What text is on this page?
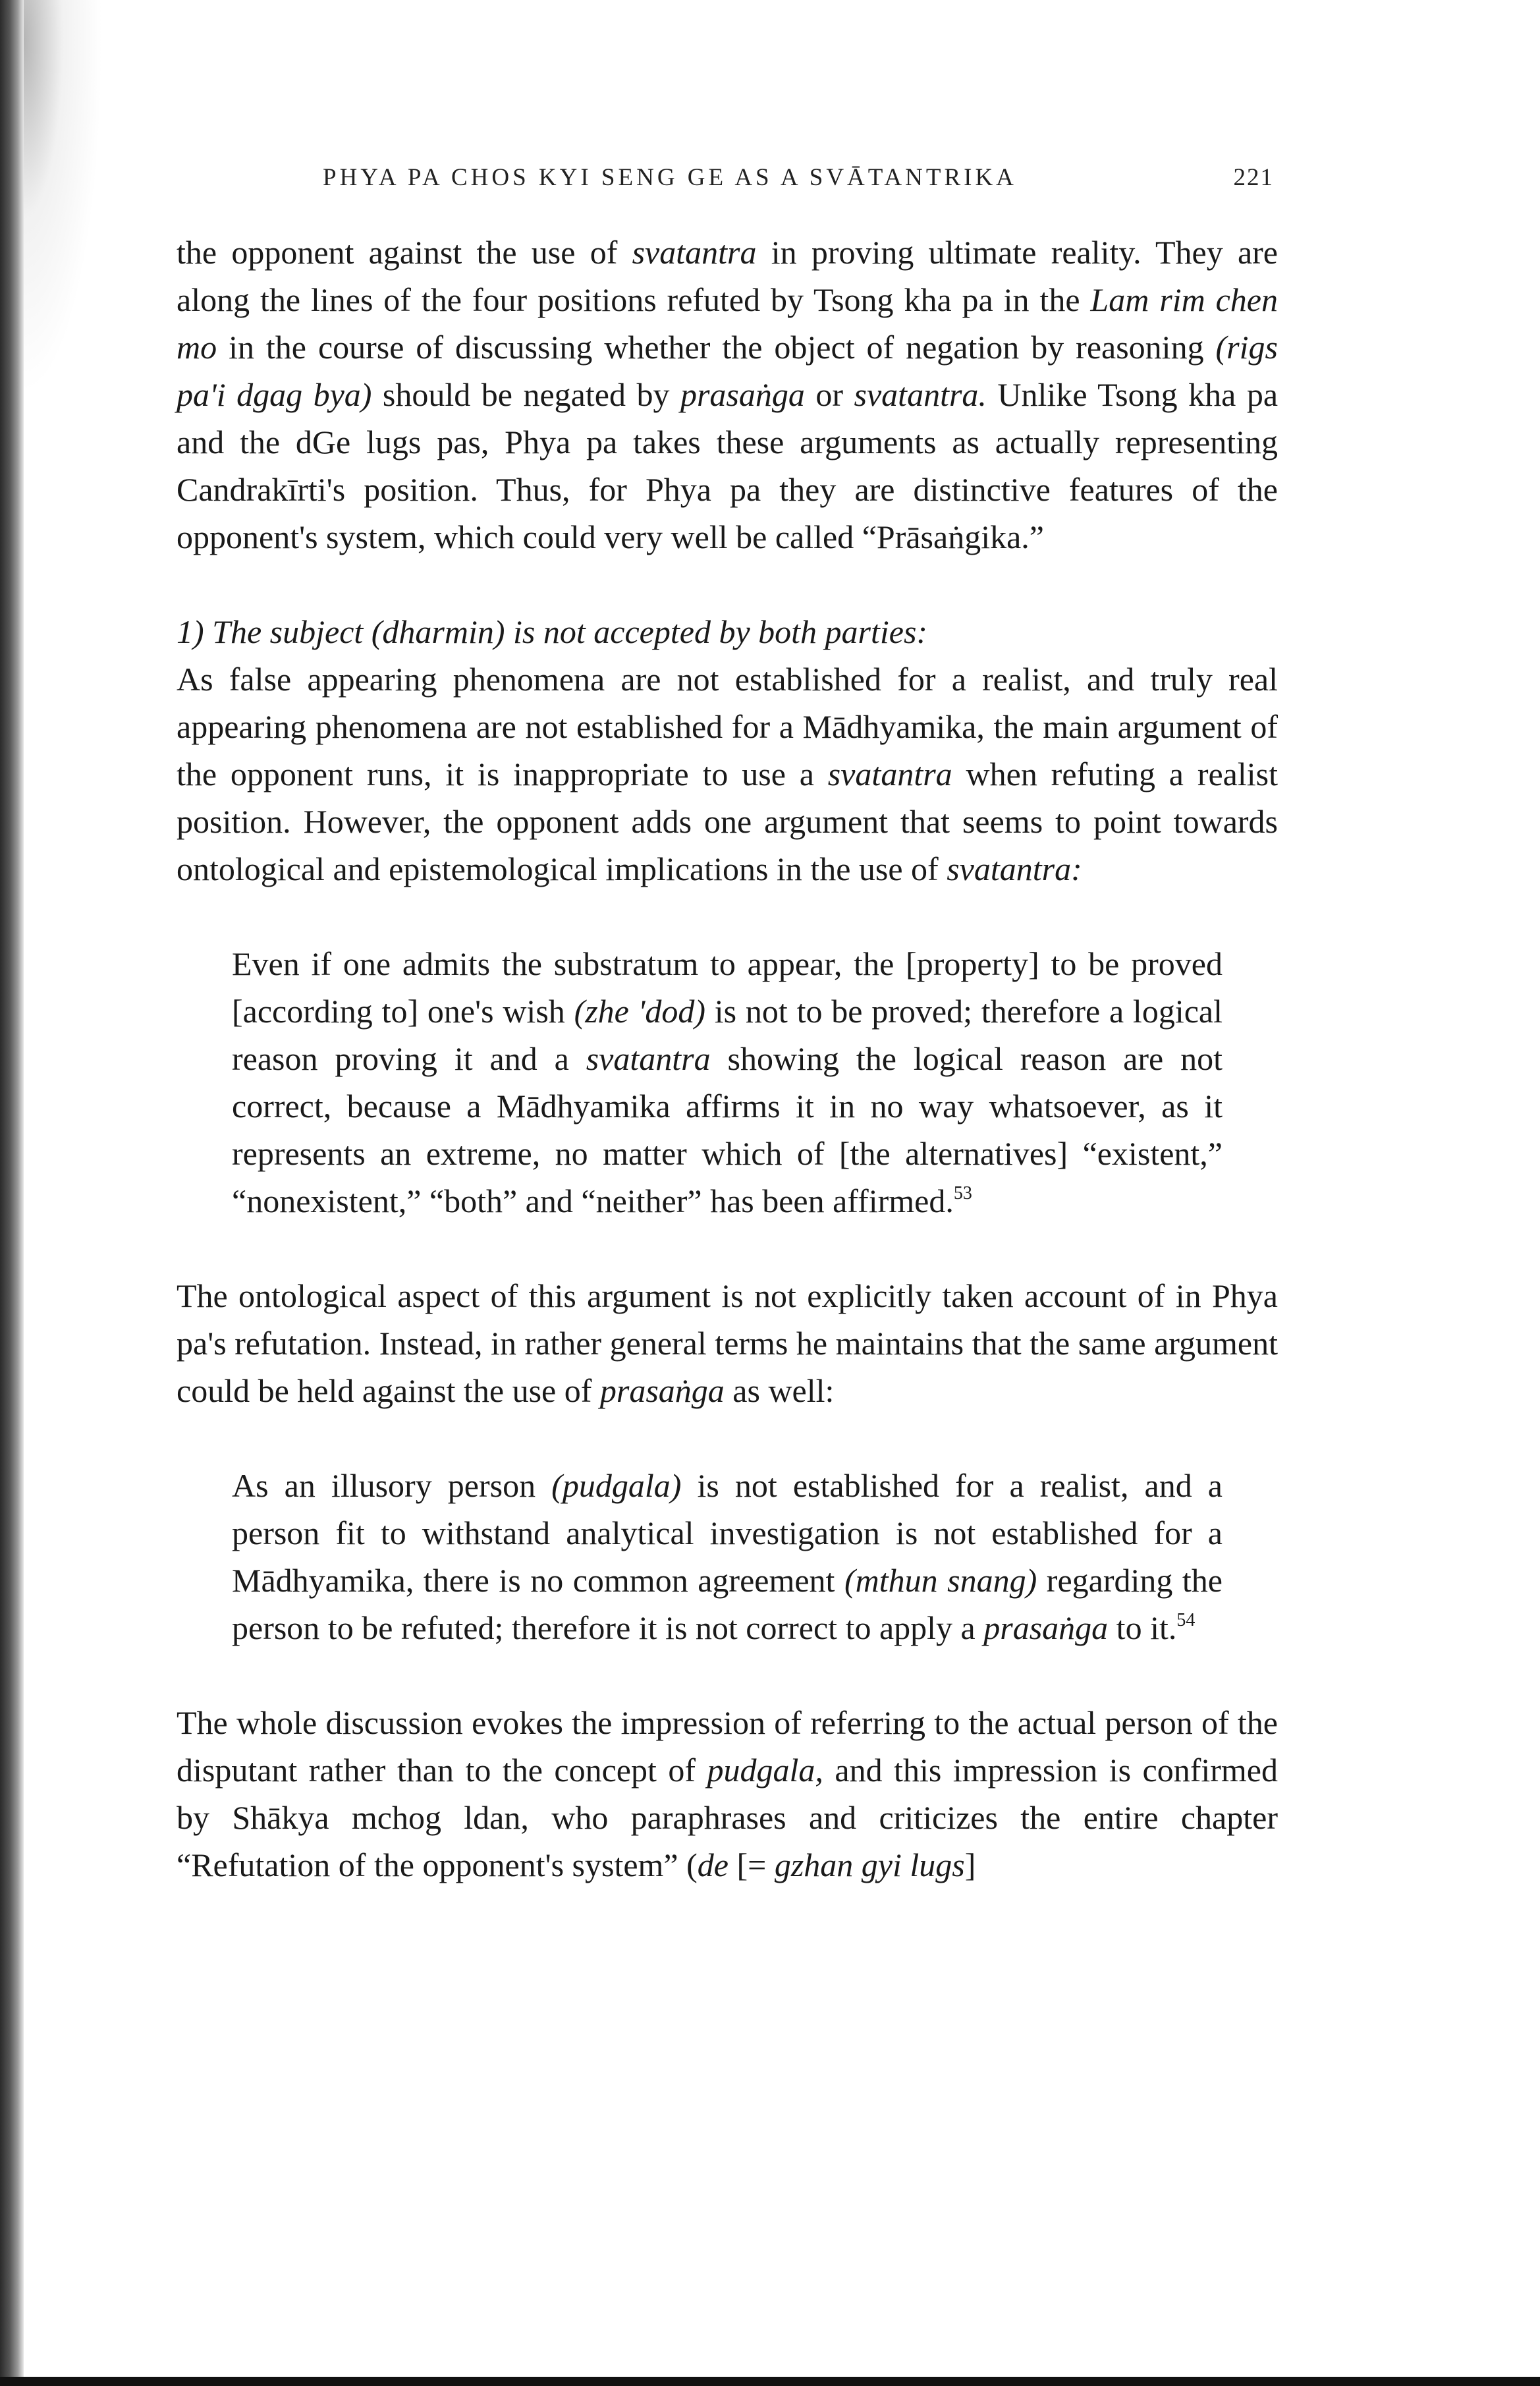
PHYA PA CHOS KYI SENG GE AS A SVĀTANTRIKA	221

the opponent against the use of svatantra in proving ultimate reality. They are along the lines of the four positions refuted by Tsong kha pa in the Lam rim chen mo in the course of discussing whether the object of negation by reasoning (rigs pa'i dgag bya) should be negated by prasaṅga or svatantra. Unlike Tsong kha pa and the dGe lugs pas, Phya pa takes these arguments as actually representing Candrakīrti's position. Thus, for Phya pa they are distinctive features of the opponent's system, which could very well be called “Prāsaṅgika.”

1) The subject (dharmin) is not accepted by both parties:

As false appearing phenomena are not established for a realist, and truly real appearing phenomena are not established for a Mādhyamika, the main argument of the opponent runs, it is inappropriate to use a svatantra when refuting a realist position. However, the opponent adds one argument that seems to point towards ontological and epistemological implications in the use of svatantra:

Even if one admits the substratum to appear, the [property] to be proved [according to] one's wish (zhe 'dod) is not to be proved; therefore a logical reason proving it and a svatantra showing the logical reason are not correct, because a Mādhyamika affirms it in no way whatsoever, as it represents an extreme, no matter which of [the alternatives] “existent,” “nonexistent,” “both” and “neither” has been affirmed.$^{53}$

The ontological aspect of this argument is not explicitly taken account of in Phya pa's refutation. Instead, in rather general terms he maintains that the same argument could be held against the use of prasaṅga as well:

As an illusory person (pudgala) is not established for a realist, and a person fit to withstand analytical investigation is not established for a Mādhyamika, there is no common agreement (mthun snang) regarding the person to be refuted; therefore it is not correct to apply a prasaṅga to it.$^{54}$

The whole discussion evokes the impression of referring to the actual person of the disputant rather than to the concept of pudgala, and this impression is confirmed by Shākya mchog ldan, who paraphrases and criticizes the entire chapter “Refutation of the opponent's system” (de [= gzhan gyi lugs]
